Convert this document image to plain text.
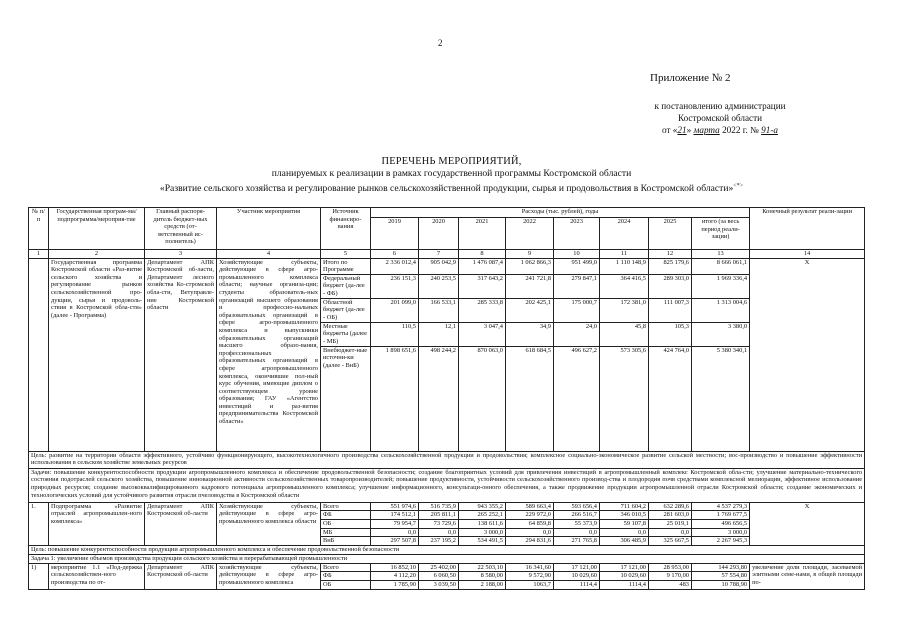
2
Приложение № 2
к постановлению администрации
Костромской области
от «21» марта 2022 г. № 91-а
ПЕРЕЧЕНЬ МЕРОПРИЯТИЙ,
планируемых к реализации в рамках государственной программы Костромской области
«Развитие сельского хозяйства и регулирование рынков сельскохозяйственной продукции, сырья и продовольствия в Костромской области»<*>
№ п/п	Государственная програм-ма/подпрограмма/мероприя-тие	Главный распоря-дитель бюджет-ных средств (от-ветственный ис-полнитель)	Участник мероприятия	Источник финансиро-вания	Расходы (тыс. рублей), годы								Конечный результат реали-зации
					2019	2020	2021	2022	2023	2024	2025	итого (за весь период реали-зации)	
1	2	3	4	5	6	7	8	9	10	11	12	13	14
	Государственная программа Костромской области «Раз-витие сельского хозяйства и регулирование рынков сельскохозяйственной про-дукции, сырья и продоволь-ствия в Костромской обла-сти» (далее - Программа)	Департамент АПК Костромской об-ласти, Департамент лесного хозяйства Ко-стромской обла-сти, Ветуправле-ние Костромской области	Хозяйствующие субъекты, действующие в сфере агро-промышленного комплекса области; научные организа-ции; студенты образователь-ных организаций высшего образования и профессио-нальных образовательных организаций в сфере агро-промышленного комплекса и выпускники образовательных организаций высшего образо-вания, профессиональных образовательных организаций в сфере агропромышленного комплекса, окончившие пол-ный курс обучения, имеющие диплом о соответствующем уровне образования; ГАУ «Агентство инвестиций и раз-вития предпринимательства Костромской области»	Итого по Программе	2 336 012,4	905 042,9	1 476 087,4	1 062 866,3	951 499,0	1 110 148,9	825 179,6	8 666 061,1	Х
				Федеральный бюджет (да-лее - ФБ)	236 151,3	240 253,5	317 643,2	241 721,8	279 847,1	364 416,5	289 303,0	1 969 336,4	
				Областной бюджет (да-лее - ОБ)	201 099,0	166 533,1	285 333,8	202 425,1	175 000,7	172 381,0	111 007,3	1 313 004,6	
				Местные бюджеты (далее - МБ)	110,5	12,1	3 047,4	34,9	24,0	45,8	105,3	3 380,0	
				Внебюджет-ные источни-ки (далее - ВнБ)	1 898 651,6	498 244,2	870 063,0	618 684,5	496 627,2	573 305,6	424 764,0	5 380 340,1	
Цель: развитие на территории области эффективного, устойчиво функционирующего, высокотехнологичного производства сельскохозяйственной продукции и продовольствия; комплексное социально-экономическое развитие сельской местности; вос-производство и повышение эффективности использования в сельском хозяйстве земельных ресурсов													
Задачи: повышение конкурентоспособности продукции агропромышленного комплекса и обеспечение продовольственной безопасности; создание благоприятных условий для привлечения инвестиций в агропромышленный комплекс Костромской обла-сти; улучшение материально-технического состояния подотраслей сельского хозяйства, повышение инновационной активности сельскохозяйственных товаропроизводителей; повышение продуктивности, устойчивости сельскохозяйственного производ-ства и плодородия почв средствами комплексной мелиорации, эффективное использование природных ресурсов; создание высококвалифицированного кадрового потенциала агропромышленного комплекса; улучшение информационного, консультаци-онного обеспечения, а также продвижение продукции агропромышленной отрасли Костромской области; создание экономических и технологических условий для устойчивого развития отрасли пчеловодства в Костромской области													
1.	Подпрограмма «Развитие отраслей агропромышлен-ного комплекса»	Департамент АПК Костромской об-ласти	Хозяйствующие субъекты, действующие в сфере агро-промышленного комплекса области	Всего	551 974,6	516 735,9	943 355,2	589 663,4	593 656,4	711 604,2	632 289,6	4 537 279,3	Х
				ФБ	174 512,1	205 811,1	265 252,1	229 972,0	266 516,7	346 010,5	281 603,0	1 769 677,5	
				ОБ	79 954,7	73 729,6	138 611,6	64 859,8	55 373,9	59 107,8	25 019,1	496 656,5	
				МБ	0,0	0,0	3 000,0	0,0	0,0	0,0	0,0	3 000,0	
				ВнБ	297 507,8	237 195,2	534 491,5	294 831,6	271 765,8	306 485,9	325 667,5	2 267 945,3	
Цель: повышение конкурентоспособности продукции агропромышленного комплекса и обеспечение продовольственной безопасности													
Задача 1: увеличение объемов производства продукции сельского хозяйства и перерабатывающей промышленности													
1)	мероприятие 1.1 «Под-держка сельскохозяйствен-ного производства по от-	Департамент АПК Костромской об-ласти	хозяйствующие субъекты, действующие в сфере агро-промышленного комплекса	Всего	16 852,10	25 402,00	22 503,10	16 341,60	17 121,00	17 121,00	28 953,00	144 293,80	увеличение доли площади, засеваемой элитными семе-нами, в общей площади по-
				ФБ	4 112,20	6 060,50	8 580,00	9 572,90	10 029,60	10 029,60	9 170,00	57 554,80	
				ОБ	1 785,90	3 039,50	2 188,00	1063,7	1114,4	1114,4	483	10 788,90	
